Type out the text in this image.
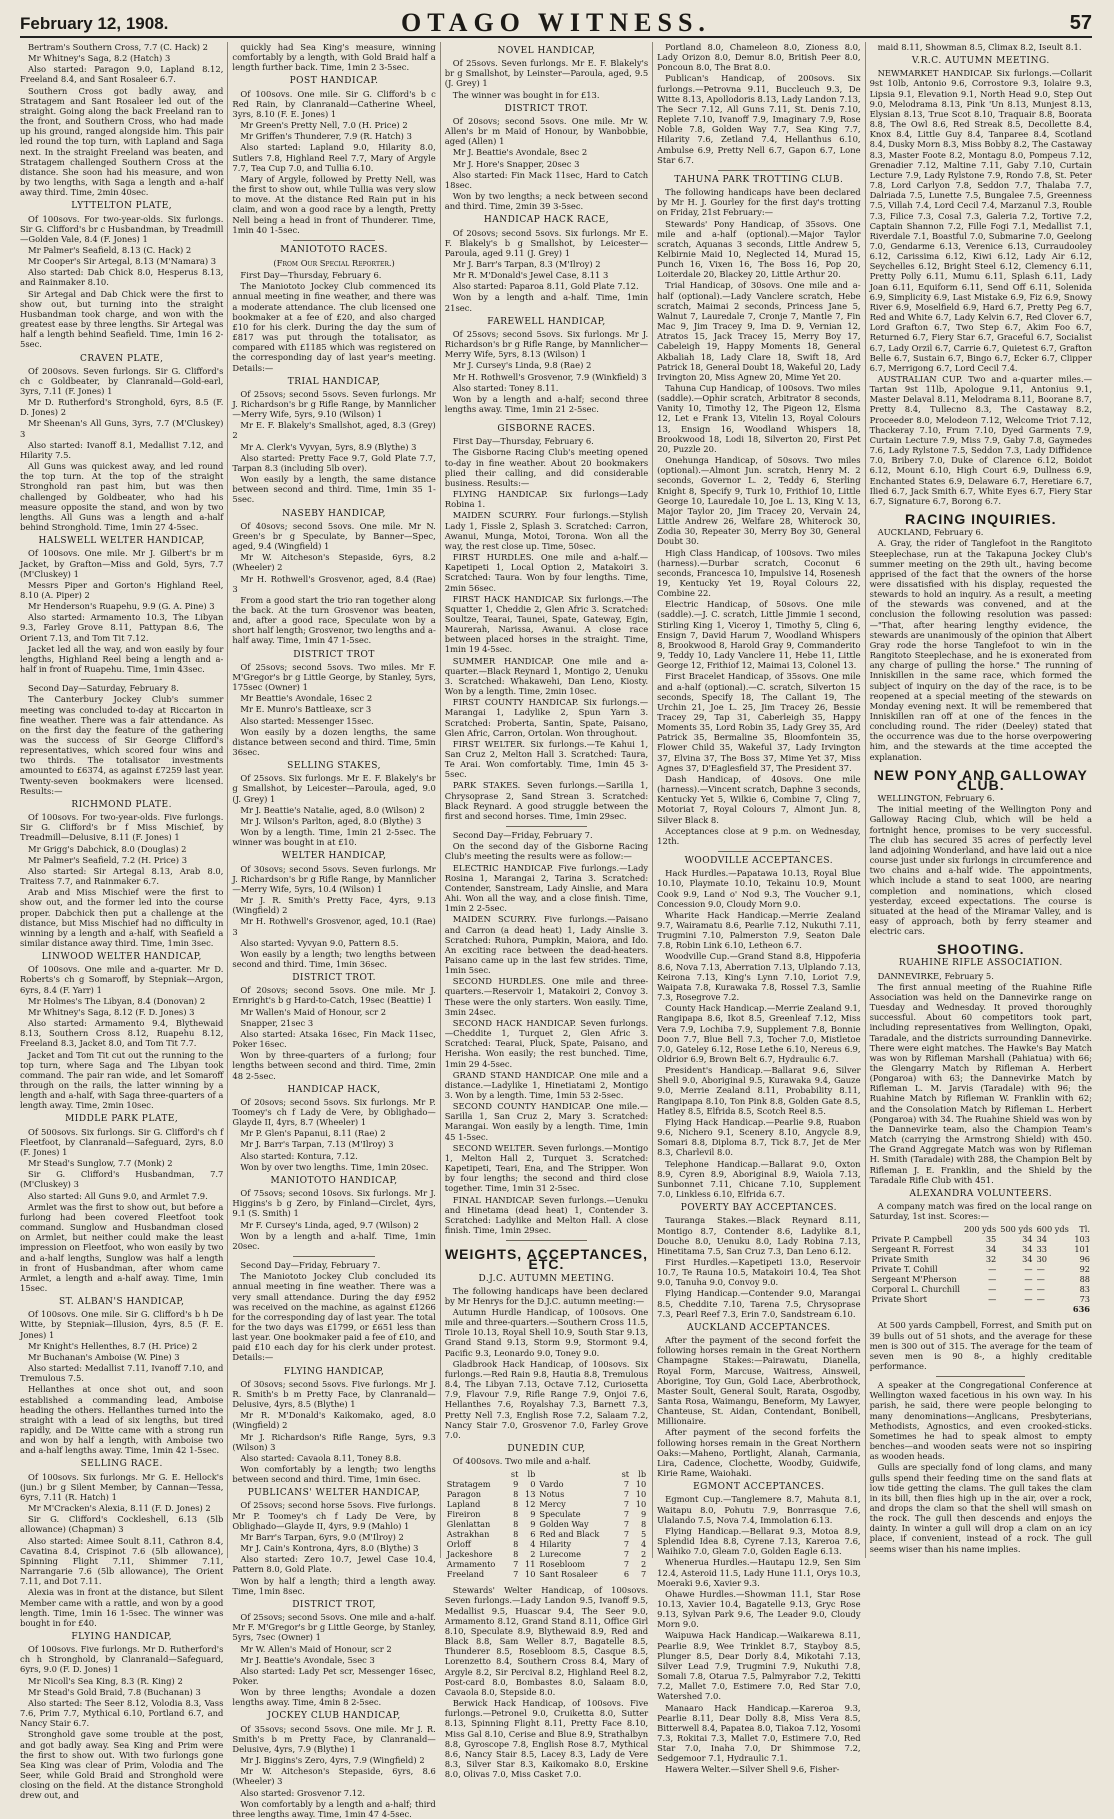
February 12, 1908.	OTAGO WITNESS.	57

Bertram's Southern Cross, 7.7 (C. Hack) 2

Mr Whitney's Saga, 8.2 (Hatch) 3

Also started: Paragon 9.0, Lapland 8.12, Freeland 8.4, and Sant Rosaleer 6.7.

Southern Cross got badly away, and Stratagem and Sant Rosaleer led out of the straight. Going along the back Freeland ran to the front, and Southern Cross, who had made up his ground, ranged alongside him. This pair led round the top turn, with Lapland and Saga next. In the straight Freeland was beaten, and Stratagem challenged Southern Cross at the distance. She soon had his measure, and won by two lengths, with Saga a length and a-half away third. Time, 2min 40sec.

LYTTELTON PLATE,

Of 100sovs. For two-year-olds. Six furlongs. Sir G. Clifford's br c Husbandman, by Treadmill—Golden Vale, 8.4 (F. Jones) 1

Mr Palmer's Seafield, 8.13 (C. Hack) 2

Mr Cooper's Sir Artegal, 8.13 (M'Namara) 3

Also started: Dab Chick 8.0, Hesperus 8.13, and Rainmaker 8.10.

Sir Artegal and Dab Chick were the first to show out, but turning into the straight Husbandman took charge, and won with the greatest ease by three lengths. Sir Artegal was half a length behind Seafield. Time, 1min 16 2-5sec.

CRAVEN PLATE,

Of 200sovs. Seven furlongs. Sir G. Clifford's ch c Goldbeater, by Clanranald—Gold-earl, 3yrs, 7.11 (F. Jones) 1

Mr D. Rutherford's Stronghold, 6yrs, 8.5 (F. D. Jones) 2

Mr Sheenan's All Guns, 3yrs, 7.7 (M'Cluskey) 3

Also started: Ivanoff 8.1, Medallist 7.12, and Hilarity 7.5.

All Guns was quickest away, and led round the top turn. At the top of the straight Stronghold ran past him, but was then challenged by Goldbeater, who had his measure opposite the stand, and won by two lengths. All Guns was a length and a-half behind Stronghold. Time, 1min 27 4-5sec.

HALSWELL WELTER HANDICAP,

Of 100sovs. One mile. Mr J. Gilbert's br m Jacket, by Grafton—Miss and Gold, 5yrs, 7.7 (M'Cluskey) 1

Messrs Piper and Gorton's Highland Reel, 8.10 (A. Piper) 2

Mr Henderson's Ruapehu, 9.9 (G. A. Pine) 3

Also started: Armamento 10.3, The Libyan 9.3, Farley Grove 8.11, Pattypan 8.6, The Orient 7.13, and Tom Tit 7.12.

Jacket led all the way, and won easily by four lengths, Highland Reel being a length and a-half in front of Ruapehu. Time, 1min 43sec.

Second Day—Saturday, February 8.

The Canterbury Jockey Club's summer meeting was concluded to-day at Riccarton in fine weather. There was a fair attendance. As on the first day the feature of the gathering was the success of Sir George Clifford's representatives, which scored four wins and two thirds. The totalisator investments amounted to £6374, as against £7259 last year. Twenty-seven bookmakers were licensed. Results:—

RICHMOND PLATE.

Of 100sovs. For two-year-olds. Five furlongs. Sir G. Clifford's br f Miss Mischief, by Treadmill—Delusive, 8.11 (F. Jones) 1

Mr Grigg's Dabchick, 8.0 (Douglas) 2

Mr Palmer's Seafield, 7.2 (H. Price) 3

Also started: Sir Artegal 8.13, Arab 8.0, Traitess 7.7, and Rainmaker 6.7.

Arab and Miss Mischief were the first to show out, and the former led into the course proper. Dabchick then put a challenge at the distance, but Miss Mischief had no difficulty in winning by a length and a-half, with Seafield a similar distance away third. Time, 1min 3sec.

LINWOOD WELTER HANDICAP,

Of 100sovs. One mile and a-quarter. Mr D. Roberts's ch g Somaroff, by Stepniak—Argon, 6yrs, 8.4 (F. Yarr) 1

Mr Holmes's The Libyan, 8.4 (Donovan) 2

Mr Whitney's Saga, 8.12 (F. D. Jones) 3

Also started: Armamento 9.4, Blythewaid 8.13, Southern Cross 8.12, Ruapehu 8.12, Freeland 8.3, Jacket 8.0, and Tom Tit 7.7.

Jacket and Tom Tit cut out the running to the top turn, where Saga and The Libyan took command. The pair ran wide, and let Somaroff through on the rails, the latter winning by a length and a-half, with Saga three-quarters of a length away. Time, 2min 10sec.

MIDDLE PARK PLATE,

Of 500sovs. Six furlongs. Sir G. Clifford's ch f Fleetfoot, by Clanranald—Safeguard, 2yrs, 8.0 (F. Jones) 1

Mr Stead's Sunglow, 7.7 (Monk) 2

Sir G. Clifford's Husbandman, 7.7 (M'Cluskey) 3

Also started: All Guns 9.0, and Armlet 7.9.

Armlet was the first to show out, but before a furlong had been covered Fleetfoot took command. Sunglow and Husbandman closed on Armlet, but neither could make the least impression on Fleetfoot, who won easily by two and a-half lengths, Sunglow was half a length in front of Husbandman, after whom came Armlet, a length and a-half away. Time, 1min 15sec.

ST. ALBAN'S HANDICAP,

Of 100sovs. One mile. Sir G. Clifford's b h De Witte, by Stepniak—Illusion, 4yrs, 8.5 (F. E. Jones) 1

Mr Knight's Hellenthes, 8.7 (H. Price) 2

Mr Buchanan's Amboise (W. Pine) 3

Also started: Medallist 7.11, Ivanoff 7.10, and Tremulous 7.5.

Hellanthes at once shot out, and soon established a commanding lead, Amboise heading the others. Hellanthes turned into the straight with a lead of six lengths, but tired rapidly, and De Witte came with a strong run and won by half a length, with Amboise two and a-half lengths away. Time, 1min 42 1-5sec.

SELLING RACE.

Of 100sovs. Six furlongs. Mr G. E. Hellock's (jun.) br g Silent Member, by Cannan—Tessa, 6yrs, 7.11 (R. Hatch) 1

Mr M'Cracken's Alexia, 8.11 (F. D. Jones) 2

Sir G. Clifford's Cockleshell, 6.13 (5lb allowance) (Chapman) 3

Also started: Aimee Soult 8.11, Cathron 8.4, Cavatina 8.4, Crispinot 7.6 (5lb allowance), Spinning Flight 7.11, Shimmer 7.11, Narrangarie 7.6 (5lb allowance), The Orient 7.11, and Dot 7.11.

Alexia was in front at the distance, but Silent Member came with a rattle, and won by a good length. Time, 1min 16 1-5sec. The winner was bought in for £40.

FLYING HANDICAP,

Of 100sovs. Five furlongs. Mr D. Rutherford's ch h Stronghold, by Clanranald—Safeguard, 6yrs, 9.0 (F. D. Jones) 1

Mr Nicoll's Sea King, 8.3 (R. King) 2

Mr Stead's Gold Braid, 7.8 (Buchanan) 3

Also started: The Seer 8.12, Volodia 8.3, Vass 7.6, Prim 7.7, Mythical 6.10, Portland 6.7, and Nancy Stair 6.7.

Stronghold gave some trouble at the post, and got badly away. Sea King and Prim were the first to show out. With two furlongs gone Sea King was clear of Prim, Volodia and The Seer, while Gold Braid and Stronghold were closing on the field. At the distance Stronghold drew out, and

quickly had Sea King's measure, winning comfortably by a length, with Gold Braid half a length further back. Time, 1min 2 3-5sec.

POST HANDICAP.

Of 100sovs. One mile. Sir G. Clifford's b c Red Rain, by Clanranald—Catherine Wheel, 3yrs, 8.10 (F. E. Jones) 1

Mr Green's Pretty Nell, 7.0 (H. Price) 2

Mr Griffen's Thunderer, 7.9 (R. Hatch) 3

Also started: Lapland 9.0, Hilarity 8.0, Sutlers 7.8, Highland Reel 7.7, Mary of Argyle 7.7, Tea Cup 7.0, and Tullia 6.10.

Mary of Argyle, followed by Pretty Nell, was the first to show out, while Tullia was very slow to move. At the distance Red Rain put in his claim, and won a good race by a length, Pretty Nell being a head in front of Thunderer. Time, 1min 40 1-5sec.

MANIOTOTO RACES.
(From Our Special Reporter.)

First Day—Thursday, February 6.

The Maniototo Jockey Club commenced its annual meeting in fine weather, and there was a moderate attendance. The club licensed one bookmaker at a fee of £20, and also charged £10 for his clerk. During the day the sum of £817 was put through the totalisator, as compared with £1185 which was registered on the corresponding day of last year's meeting. Details:—

TRIAL HANDICAP,

Of 25sovs; second 5sovs. Seven furlongs. Mr J. Richardson's br g Rifle Range, by Mannlicher—Merry Wife, 5yrs, 9.10 (Wilson) 1

Mr E. F. Blakely's Smallshot, aged, 8.3 (Grey) 2

Mr A. Clerk's Vyvyan, 5yrs, 8.9 (Blythe) 3

Also started: Pretty Face 9.7, Gold Plate 7.7, Tarpan 8.3 (including 5lb over).

Won easily by a length, the same distance between second and third. Time, 1min 35 1-5sec.

NASEBY HANDICAP,

Of 40sovs; second 5sovs. One mile. Mr N. Green's br g Speculate, by Banner—Spec, aged, 9.4 (Wingfield) 1

Mr W. Aitcheson's Stepaside, 6yrs, 8.2 (Wheeler) 2

Mr H. Rothwell's Grosvenor, aged, 8.4 (Rae) 3

From a good start the trio ran together along the back. At the turn Grosvenor was beaten, and, after a good race, Speculate won by a short half length; Grosvenor, two lengths and a-half away. Time, 1min 47 1-5sec.

DISTRICT TROT

Of 25sovs; second 5sovs. Two miles. Mr F. M'Gregor's br g Little George, by Stanley, 5yrs, 175sec (Owner) 1

Mr Beattie's Avondale, 16sec 2

Mr E. Munro's Battleaxe, scr 3

Also started: Messenger 15sec.

Won easily by a dozen lengths, the same distance between second and third. Time, 5min 36sec.

SELLING STAKES,

Of 25sovs. Six furlongs. Mr E. F. Blakely's br g Smallshot, by Leicester—Paroula, aged, 9.0 (J. Grey) 1

Mr J. Beattie's Natalie, aged, 8.0 (Wilson) 2

Mr J. Wilson's Parlton, aged, 8.0 (Blythe) 3

Won by a length. Time, 1min 21 2-5sec. The winner was bought in at £10.

WELTER HANDICAP,

Of 30sovs; second 5sovs. Seven furlongs. Mr J. Richardson's br g Rifle Range, by Mannlicher—Merry Wife, 5yrs, 10.4 (Wilson) 1

Mr J. R. Smith's Pretty Face, 4yrs, 9.13 (Wingfield) 2

Mr H. Rothwell's Grosvenor, aged, 10.1 (Rae) 3

Also started: Vyvyan 9.0, Pattern 8.5.

Won easily by a length; two lengths between second and third. Time, 1min 36sec.

DISTRICT TROT.

Of 20sovs; second 5sovs. One mile. Mr J. Ernright's b g Hard-to-Catch, 19sec (Beattie) 1

Mr Wallen's Maid of Honour, scr 2

Snapper, 21sec 3

Also started: Atsaka 16sec, Fin Mack 11sec, Poker 16sec.

Won by three-quarters of a furlong; four lengths between second and third. Time, 2min 48 2-5sec.

HANDICAP HACK,

Of 20sovs; second 5sovs. Six furlongs. Mr P. Toomey's ch f Lady de Vere, by Oblighado—Glayde II, 4yrs, 8.7 (Wheeler) 1

Mr P. Glen's Papanui, 8.11 (Rae) 2

Mr J. Barr's Tarpan, 7.13 (M'Ilroy) 3

Also started: Kontura, 7.12.

Won by over two lengths. Time, 1min 20sec.

MANIOTOTO HANDICAP,

Of 75sovs; second 10sovs. Six furlongs. Mr J. Higgins's b g Zero, by Finland—Circlet, 4yrs, 9.1 (S. Smith) 1

Mr F. Cursey's Linda, aged, 9.7 (Wilson) 2

Won by a length and a-half. Time, 1min 20sec.

Second Day—Friday, February 7.

The Maniototo Jockey Club concluded its annual meeting in fine weather. There was a very small attendance. During the day £952 was received on the machine, as against £1266 for the corresponding day of last year. The total for the two days was £1799, or £651 less than last year. One bookmaker paid a fee of £10, and paid £10 each day for his clerk under protest. Details:—

FLYING HANDICAP,

Of 30sovs; second 5sovs. Five furlongs. Mr J. R. Smith's b m Pretty Face, by Clanranald—Delusive, 4yrs, 8.5 (Blythe) 1

Mr R. M'Donald's Kaikomako, aged, 8.0 (Wingfield) 2

Mr J. Richardson's Rifle Range, 5yrs, 9.3 (Wilson) 3

Also started: Cavaola 8.11, Toney 8.8.

Won comfortably by a length; two lengths between second and third. Time, 1min 6sec.

PUBLICANS' WELTER HANDICAP,

Of 25sovs; second horse 5sovs. Five furlongs. Mr P. Toomey's ch f Lady De Vere, by Oblighado—Glayde II, 4yrs, 9.9 (Mahlo) 1

Mr Barr's Tarpan, 6yrs, 9.0 (M'Ilroy) 2

Mr J. Cain's Kontrona, 4yrs, 8.0 (Blythe) 3

Also started: Zero 10.7, Jewel Case 10.4, Pattern 8.0, Gold Plate.

Won by half a length; third a length away. Time, 1min 8sec.

DISTRICT TROT,

Of 25sovs; second 5sovs. One mile and a-half. Mr F. M'Gregor's br g Little George, by Stanley, 5yrs, 7sec (Owner) 1

Mr W. Allen's Maid of Honour, scr 2

Mr J. Beattie's Avondale, 5sec 3

Also started: Lady Pet scr, Messenger 16sec, Poker.

Won by three lengths; Avondale a dozen lengths away. Time, 4min 8 2-5sec.

JOCKEY CLUB HANDICAP,

Of 35sovs; second 5sovs. One mile. Mr J. R. Smith's b m Pretty Face, by Clanranald—Delusive, 4yrs, 7.9 (Blythe) 1

Mr J. Biggins's Zero, 4yrs, 7.9 (Wingfield) 2

Mr W. Aitcheson's Stepaside, 6yrs, 8.6 (Wheeler) 3

Also started: Grosvenor 7.12.

Won comfortably by a length and a-half; third three lengths away. Time, 1min 47 4-5sec.

NOVEL HANDICAP,

Of 25sovs. Seven furlongs. Mr E. F. Blakely's br g Smallshot, by Leinster—Paroula, aged, 9.5 (J. Grey) 1

The winner was bought in for £13.

DISTRICT TROT.

Of 20sovs; second 5sovs. One mile. Mr W. Allen's br m Maid of Honour, by Wanbobbie, aged (Allen) 1

Mr J. Beattie's Avondale, 8sec 2

Mr J. Hore's Snapper, 20sec 3

Also started: Fin Mack 11sec, Hard to Catch 18sec.

Won by two lengths; a neck between second and third. Time, 2min 39 3-5sec.

HANDICAP HACK RACE,

Of 20sovs; second 5sovs. Six furlongs. Mr E. F. Blakely's b g Smallshot, by Leicester—Paroula, aged 9.11 (J. Grey) 1

Mr J. Barr's Tarpan, 8.3 (M'Ilroy) 2

Mr R. M'Donald's Jewel Case, 8.11 3

Also started: Paparoa 8.11, Gold Plate 7.12.

Won by a length and a-half. Time, 1min 21sec.

FAREWELL HANDICAP,

Of 25sovs; second 5sovs. Six furlongs. Mr J. Richardson's br g Rifle Range, by Mannlicher—Merry Wife, 5yrs, 8.13 (Wilson) 1

Mr J. Cursey's Linda, 9.8 (Rae) 2

Mr H. Rothwell's Grosvenor, 7.9 (Winkfield) 3

Also started: Toney 8.11.

Won by a length and a-half; second three lengths away. Time, 1min 21 2-5sec.

GISBORNE RACES.

First Day—Thursday, February 6.

The Gisborne Racing Club's meeting opened to-day in fine weather. About 20 bookmakers plied their calling, and did considerable business. Results:—

FLYING HANDICAP. Six furlongs—Lady Robina 1.

MAIDEN SCURRY. Four furlongs.—Stylish Lady 1, Fissle 2, Splash 3. Scratched: Carron, Awanui, Munga, Motoi, Torona. Won all the way, the rest close up. Time, 50sec.

FIRST HURDLES. One mile and a-half.—Kapetipeti 1, Local Option 2, Matakoiri 3. Scratched: Taura. Won by four lengths. Time, 2min 56sec.

FIRST HACK HANDICAP. Six furlongs.—The Squatter 1, Cheddie 2, Glen Afric 3. Scratched: Soultze, Tearai, Taunei, Spate, Gateway, Egin, Maurerah, Narissa, Awanui. A close race between placed horses in the straight. Time, 1min 19 4-5sec.

SUMMER HANDICAP. One mile and a-quarter.—Black Reynard 1, Montigo 2, Uenuku 3. Scratched: Whakawehi, Dan Leno, Kiosty. Won by a length. Time, 2min 10sec.

FIRST COUNTY HANDICAP. Six furlongs.—Marangai 1, Ladylike 2, Spun Yarn 3. Scratched: Proberta, Santin, Spate, Paisano, Glen Afric, Carron, Ortolan. Won throughout.

FIRST WELTER. Six furlongs.—Te Kahui 1, San Cruz 2, Melton Hall 3. Scratched: Taura, Te Arai. Won comfortably. Time, 1min 45 3-5sec.

PARK STAKES. Seven furlongs.—Sarilla 1, Chrysoprase 2, Sand Strean 3. Scratched: Black Reynard. A good struggle between the first and second horses. Time, 1min 29sec.

Second Day—Friday, February 7.

On the second day of the Gisborne Racing Club's meeting the results were as follow:—

ELECTRIC HANDICAP. Five furlongs.—Lady Rosina 1, Marangai 2, Tarina 3. Scratched: Contender, Sanstream, Lady Ainslie, and Mara Ahi. Won all the way, and a close finish. Time, 1min 2 2-5sec.

MAIDEN SCURRY. Five furlongs.—Paisano and Carron (a dead heat) 1, Lady Ainslie 3. Scratched: Ruhora, Pumpkin, Maiora, and Ido. An exciting race between the dead-heaters. Paisano came up in the last few strides. Time, 1min 5sec.

SECOND HURDLES. One mile and three-quarters.—Reservoir 1, Matakoiri 2, Convoy 3. These were the only starters. Won easily. Time, 3min 24sec.

SECOND HACK HANDICAP. Seven furlongs.—Cheddite 1, Turquet 2, Glen Afric 3. Scratched: Tearai, Pluck, Spate, Paisano, and Herisha. Won easily; the rest bunched. Time, 1min 29 4-5sec.

GRAND STAND HANDICAP. One mile and a distance.—Ladylike 1, Hinetiatami 2, Montigo 3. Won by a length. Time, 1min 53 2-5sec.

SECOND COUNTY HANDICAP. One mile.—Sarilla 1, San Cruz 2, Mary 3. Scratched: Marangai. Won easily by a length. Time, 1min 45 1-5sec.

SECOND WELTER. Seven furlongs.—Montigo 1, Melton Hall 2, Turquet 3. Scratched: Kapetipeti, Teari, Ena, and The Stripper. Won by four lengths; the second and third close together. Time, 1min 31 2-5sec.

FINAL HANDICAP. Seven furlongs.—Uenuku and Hinetama (dead heat) 1, Contender 3. Scratched: Ladylike and Melton Hall. A close finish. Time, 1min 29sec.

WEIGHTS, ACCEPTANCES, ETC.
D.J.C. AUTUMN MEETING.

The following handicaps have been declared by Mr Henrys for the D.J.C. autumn meeting:—

Autumn Hurdle Handicap, of 100sovs. One mile and three-quarters.—Southern Cross 11.5, Tirole 10.13, Royal Shell 10.9, South Star 9.13, Grand Stand 9.13, Storm 9.9, Stormont 9.4, Pacific 9.3, Leonardo 9.0, Toney 9.0.

Gladbrook Hack Handicap, of 100sovs. Six furlongs.—Red Rain 9.8, Hautia 8.8, Tremulous 8.4, The Libyan 7.13, Octave 7.12, Curiosetta 7.9, Flavour 7.9, Rifle Range 7.9, Onjoi 7.6, Hellanthes 7.6, Royalshay 7.3, Barnett 7.3, Pretty Nell 7.3, English Rose 7.2, Salaam 7.2, Nancy Stair 7.0, Grosvenor 7.0, Farley Grove 7.0.

DUNEDIN CUP,

Of 400sovs. Two mile and a-half.

	st	lb			st	lb
Stratagem	9	0	Vardo		7	10
Paragon	8	13	Notus		7	10
Lapland	8	12	Mercy		7	10
Fireiron	8	9	Speculate		7	9
Glenlattan	8	9	Golden Way		7	8
Astrakhan	8	6	Red and Black		7	5
Orloff	8	4	Hilarity		7	4
Jackeshore	8	2	Lurecome		7	2
Armamento	7	11	Rosebloom		7	2
Freeland	7	10	Sant Rosaleer		6	7

Stewards' Welter Handicap, of 100sovs. Seven furlongs.—Lady Landon 9.5, Ivanoff 9.5, Medallist 9.5, Huascar 9.4, The Seer 9.0, Armamento 8.12, Grand Stand 8.11, Office Girl 8.10, Speculate 8.9, Blythewaid 8.9, Red and Black 8.8, Sam Weller 8.7, Bagatelle 8.5, Thunderer 8.5, Rosebloom 8.5, Casque 8.5, Lorenzetto 8.4, Southern Cross 8.4, Mary of Argyle 8.2, Sir Percival 8.2, Highland Reel 8.2, Post-card 8.0, Bombastes 8.0, Salaam 8.0, Cavaola 8.0, Stepside 8.0.

Berwick Hack Handicap, of 100sovs. Five furlongs.—Petronel 9.0, Cruiketta 8.0, Sutter 8.13, Spinning Flight 8.11, Pretty Face 8.10, Miss Gal 8.10, Cerise and Blue 8.9, Strathalbyn 8.8, Gyroscope 7.8, English Rose 8.7, Mythical 8.6, Nancy Stair 8.5, Lacey 8.3, Lady de Vere 8.3, Silver Star 8.3, Kaikomako 8.0, Erskine 8.0, Olivas 7.0, Miss Casket 7.0.

Portland 8.0, Chameleon 8.0, Zioness 8.0, Lady Orizon 8.0, Demur 8.0, British Peer 8.0, Poncoun 8.0, The Brat 8.0.

Publican's Handicap, of 200sovs. Six furlongs.—Petrovna 9.11, Buccleuch 9.3, De Witte 8.13, Apollodoris 8.13, Lady Landon 7.13, The Secr 7.12, All Guns 7.11, St. Denis 7.10, Replete 7.10, Ivanoff 7.9, Imaginary 7.9, Rose Noble 7.8, Golden Way 7.7, Sea King 7.7, Hilarity 7.6, Zetland 7.4, Hellanthus 6.10, Ambulse 6.9, Pretty Nell 6.7, Gapon 6.7, Lone Star 6.7.

TAHUNA PARK TROTTING CLUB.

The following handicaps have been declared by Mr H. J. Gourley for the first day's trotting on Friday, 21st February:—

Stewards' Pony Handicap, of 35sovs. One mile and a-half (optional).—Major Taylor scratch, Aquanas 3 seconds, Little Andrew 5, Kelbirnie Maid 10, Neglected 14, Murad 15, Punch 16, Vixen 16, The Boss 16, Pop 20, Loiterdale 20, Blackey 20, Little Arthur 20.

Trial Handicap, of 30sovs. One mile and a-half (optional).—Lady Vanclere scratch, Hebe scratch, Maimai 2 seconds, Princess Jane 5, Walnut 7, Lauredale 7, Cronje 7, Mantle 7, Fin Mac 9, Jim Tracey 9, Ima D. 9, Vernian 12, Atratos 15, Jack Tracey 15, Merry Boy 17, Cabeleigh 19, Happy Moments 18, General Akbaliah 18, Lady Clare 18, Swift 18, Ard Patrick 18, General Doubt 18, Wakeful 20, Lady Irvington 20, Miss Agnew 20, Mime Yet 20.

Tahuna Cup Handicap, of 100sovs. Two miles (saddle).—Ophir scratch, Arbitrator 8 seconds, Vanity 10, Timothy 12, The Pigeon 12, Elsma 12, Let e Frank 13, Vitelin 13, Royal Colours 13, Ensign 16, Woodland Whispers 18, Brookwood 18, Lodi 18, Silverton 20, First Pet 20, Puzzle 20.

Onehunga Handicap, of 50sovs. Two miles (optional).—Almont Jun. scratch, Henry M. 2 seconds, Governor L. 2, Teddy 6, Sterling Knight 8, Specify 9, Turk 10, Frithiof 10, Little George 10, Lauredale 10, Joe L. 13, King V. 13, Major Taylor 20, Jim Tracey 20, Vervain 24, Little Andrew 26, Welfare 28, Whiterock 30, Zodia 30, Repeater 30, Merry Boy 30, General Doubt 30.

High Class Handicap, of 100sovs. Two miles (harness).—Durbar scratch, Coconut 6 seconds, Francesca 10, Impulsive 14, Rosenesh 19, Kentucky Yet 19, Royal Colours 22, Combine 22.

Electric Handicap, of 50sovs. One mile (saddle).—J. C. scratch, Little Jimmie 1 second, Stirling King 1, Viceroy 1, Timothy 5, Cling 6, Ensign 7, David Harum 7, Woodland Whispers 8, Brookwood 8, Harold Gray 9, Commanderito 9, Teddy 10, Lady Vanclere 11, Hebe 11, Little George 12, Frithiof 12, Maimai 13, Colonel 13.

First Bracelet Handicap, of 35sovs. One mile and a-half (optional).—C. scratch, Silverton 15 seconds, Specify 18, The Callant 19, The Urchin 21, Joe L. 25, Jim Tracey 26, Bessie Tracey 29, Tap 31, Caberleigh 35, Happy Moments 35, Lord Robin 35, Lady Grey 35, Ard Patrick 35, Bermaline 35, Bloomfontein 35, Flower Child 35, Wakeful 37, Lady Irvington 37, Elvina 37, The Boss 37, Mime Yet 37, Miss Agnes 37, D'Eaglesfield 37, The President 37.

Dash Handicap, of 40sovs. One mile (harness).—Vincent scratch, Daphne 3 seconds, Kentucky Yet 5, Wilkie 6, Combine 7, Cling 7, Motoriat 7, Royal Colours 7, Almont Jun. 8, Silver Black 8.

Acceptances close at 9 p.m. on Wednesday, 12th.

WOODVILLE ACCEPTANCES.

Hack Hurdles.—Papatawa 10.13, Royal Blue 10.10, Playmate 10.10, Tekainu 10.9, Mount Cook 9.9, Land o' Nod 9.3, The Voucher 9.1, Concession 9.0, Cloudy Morn 9.0.

Wharite Hack Handicap.—Merrie Zealand 9.7, Wairamatu 8.6, Pearlie 7.12, Nukuthi 7.11, Trugmini 7.10, Palmerston 7.9, Seaton Dale 7.8, Robin Link 6.10, Letheon 6.7.

Woodville Cup.—Grand Stand 8.8, Hippoferia 8.6, Nova 7.13, Aberration 7.13, Ulplando 7.13, Keirona 7.13, King's Lynn 7.10, Loriot 7.9, Waipata 7.8, Kurawaka 7.8, Rossel 7.3, Samlie 7.3, Rosegrove 7.2.

County Hack Handicap.—Merrie Zealand 9.1, Rangipapa 8.6, Ikot 8.5, Greenleaf 7.12, Miss Vera 7.9, Lochiba 7.9, Supplement 7.8, Bonnie Doon 7.7, Blue Bell 7.3, Tocher 7.0, Mistletoe 7.0, Gateley 6.12, Rose Lethe 6.10, Nereus 6.9, Oldrior 6.9, Brown Belt 6.7, Hydraulic 6.7.

President's Handicap.—Ballarat 9.6, Silver Shell 9.0, Aboriginal 9.5, Kurawaka 9.4, Gauze 9.0, Merrie Zealand 8.11, Probability 8.11, Rangipapa 8.10, Ton Pink 8.8, Golden Gate 8.5, Hatley 8.5, Elfrida 8.5, Scotch Reel 8.5.

Flying Hack Handicap.—Pearlie 9.8, Ruabon 9.6, Nichero 9.1, Scenery 8.10, Angycle 8.9, Somari 8.8, Diploma 8.7, Tick 8.7, Jet de Mer 8.3, Charlevil 8.0.

Telephone Handicap.—Ballarat 9.0, Oxton 8.9, Cyren 8.9, Aboriginal 8.9, Waiola 7.13, Sunbonnet 7.11, Chicane 7.10, Supplement 7.0, Linkless 6.10, Elfrida 6.7.

POVERTY BAY ACCEPTANCES.

Tauranga Stakes.—Black Reynard 8.11, Montigo 8.7, Contender 8.6, Ladylike 8.1, Douche 8.0, Uenuku 8.0, Lady Robina 7.13, Hinetitama 7.5, San Cruz 7.3, Dan Leno 6.12.

First Hurdles.—Kapetipeti 13.0, Reservoir 10.7, Te Rauna 10.5, Matakoiri 10.4, Tea Shot 9.0, Tanuha 9.0, Convoy 9.0.

Flying Handicap.—Contender 9.0, Marangai 8.5, Cheddite 7.10, Tarena 7.5, Chrysoprase 7.3, Pearl Reef 7.3, Erin 7.0, Sandstream 6.10.

AUCKLAND ACCEPTANCES.

After the payment of the second forfeit the following horses remain in the Great Northern Champagne Stakes:—Pairawatu, Dianella, Royal Form, Marcuse, Waitress, Ainsweil, Aborigine, Toy Gun, Gold Lace, Aberbrothock, Master Soult, General Soult, Rarata, Osgodby, Santa Rosa, Waimangu, Beneform, My Lawyer, Chanteuse, St. Aidan, Contendant, Bonibell, Millionaire.

After payment of the second forfeits the following horses remain in the Great Northern Oaks:—Maheno, Portlight, Alanah, Carmania, Lira, Cadence, Clochette, Woodby, Guidwife, Kirie Rame, Waiohaki.

EGMONT ACCEPTANCES.

Egmont Cup.—Tanglemere 8.7, Mahuta 8.1, Waitapu 8.0, Pohutu 7.9, Bonrrasque 7.6, Ulalando 7.5, Nova 7.4, Immolation 6.13.

Flying Handicap.—Bellarat 9.3, Motoa 8.9, Splendid Idea 8.8, Cyrene 7.13, Kareroa 7.6, Waihiko 7.0, Gleam 7.0, Golden Eagle 6.13.

Whenerua Hurdles.—Hautapu 12.9, Sen Sim 12.4, Asteroid 11.5, Lady Hune 11.1, Orys 10.3, Moeraki 9.6, Xavier 9.3.

Ohawe Hurdles.—Showman 11.1, Star Rose 10.13, Xavier 10.4, Bagatelle 9.13, Gryc Rose 9.13, Sylvan Park 9.6, The Leader 9.0, Cloudy Morn 9.0.

Waipuwa Hack Handicap.—Waikarewa 8.11, Pearlie 8.9, Wee Trinklet 8.7, Stayboy 8.5, Plunger 8.5, Dear Dorly 8.4, Mikotahi 7.13, Silver Lead 7.9, Trugmini 7.9, Nukuthi 7.8, Somali 7.8, Otarua 7.5, Palmyrabor 7.2, Tekitti 7.2, Mallet 7.0, Estimere 7.0, Red Star 7.0, Watershed 7.0.

Manaaro Hack Handicap.—Kareroa 9.3, Pearlie 8.11, Dear Dolly 8.8, Miss Vera 8.5, Bitterwell 8.4, Papatea 8.0, Tiakoa 7.12, Yosomi 7.3, Rokitai 7.3, Mallet 7.0, Estimere 7.0, Red Star 7.0, Inaha 7.0, Dr Shimmose 7.2, Sedgemoor 7.1, Hydraulic 7.1.

Hawera Welter.—Silver Shell 9.6, Fisher-

maid 8.11, Showman 8.5, Climax 8.2, Iseult 8.1.

V.R.C. AUTUMN MEETING.

NEWMARKET HANDICAP. Six furlongs.—Collarit 9st 10lb, Antonio 9.6, Corrostore 9.3, Iolaire 9.3, Lipsia 9.1, Elevation 9.1, North Head 9.0, Step Out 9.0, Melodrama 8.13, Pink 'Un 8.13, Munjest 8.13, Elysian 8.13, True Scot 8.10, Traquair 8.8, Boorata 8.8, The Owl 8.6, Red Streak 8.5, Decollette 8.4, Knox 8.4, Little Guy 8.4, Tanparee 8.4, Scotland 8.4, Dusky Morn 8.3, Miss Bobby 8.2, The Castaway 8.3, Master Foote 8.2, Montagu 8.0, Pompeus 7.12, Grenadier 7.12, Maltine 7.11, Gaby 7.10, Curtain Lecture 7.9, Lady Rylstone 7.9, Rondo 7.8, St. Peter 7.8, Lord Carlyon 7.8, Seddon 7.7, Thalaba 7.7, Dalriada 7.5, Lunette 7.5, Bungalee 7.5, Greenness 7.5, Villah 7.4, Lord Cecil 7.4, Marzanul 7.3, Rouble 7.3, Filice 7.3, Cosal 7.3, Galeria 7.2, Tortive 7.2, Captain Shannon 7.2, Fille Fogi 7.1, Medallist 7.1, Riverdale 7.1, Boastful 7.0, Submarine 7.0, Geelong 7.0, Gendarme 6.13, Verenice 6.13, Curraudooley 6.12, Carissima 6.12, Kiwi 6.12, Lady Air 6.12, Seychelles 6.12, Bright Steel 6.12, Clemency 6.11, Pretty Polly 6.11, Mumu 6.11, Splash 6.11, Lady Joan 6.11, Equiform 6.11, Send Off 6.11, Solenida 6.9, Simplicity 6.9, Last Mistake 6.9, Fiz 6.9, Snowy River 6.9, Moselfield 6.9, Hard 6.7, Pretty Peg 6.7, Red and White 6.7, Lady Kelvin 6.7, Red Clover 6.7, Lord Grafton 6.7, Two Step 6.7, Akim Foo 6.7, Returned 6.7, Fiery Star 6.7, Graceful 6.7, Socialist 6.7, Lady Orzil 6.7, Carrie 6.7, Quietest 6.7, Grafton Belle 6.7, Sustain 6.7, Bingo 6.7, Ecker 6.7, Clipper 6.7, Merrigong 6.7, Lord Cecil 7.4.

AUSTRALIAN CUP. Two and a-quarter miles.—Tartan 9st 11lb, Apologue 9.11, Antonius 9.1, Master Delaval 8.11, Melodrama 8.11, Boorane 8.7, Pretty 8.4, Tullecno 8.3, The Castaway 8.2, Proceeder 8.0, Melodeon 7.12, Welcome Triot 7.12, Thackeray 7.10, Frum 7.10, Dyed Garments 7.9, Curtain Lecture 7.9, Miss 7.9, Gaby 7.8, Gaymedes 7.6, Lady Rylstone 7.5, Seddon 7.3, Lady Diffidence 7.0, Bribery 7.0, Duke of Clarence 6.12, Boidot 6.12, Mount 6.10, High Court 6.9, Dullness 6.9, Enchanted States 6.9, Delaware 6.7, Heretiare 6.7, Ilied 6.7, Jack Smith 6.7, White Eyes 6.7, Fiery Star 6.7, Signature 6.7, Borong 6.7.

RACING INQUIRIES.

AUCKLAND, February 6.

A. Gray, the rider of Tanglefoot in the Rangitoto Steeplechase, run at the Takapuna Jockey Club's summer meeting on the 29th ult., having become apprised of the fact that the owners of the horse were dissatisfied with his display, requested the stewards to hold an inquiry. As a result, a meeting of the stewards was convened, and at the conclusion the following resolution was passed:—"That, after hearing lengthy evidence, the stewards are unanimously of the opinion that Albert Gray rode the horse Tanglefoot to win in the Rangitoto Steeplechase, and he is exonerated from any charge of pulling the horse." The running of Inniskillen in the same race, which formed the subject of inquiry on the day of the race, is to be reopened at a special meeting of the stewards on Monday evening next. It will be remembered that Inniskillen ran off at one of the fences in the concluding round. The rider (Deeley) stated that the occurrence was due to the horse overpowering him, and the stewards at the time accepted the explanation.

NEW PONY AND GALLOWAY CLUB.

WELLINGTON, February 6.

The initial meeting of the Wellington Pony and Galloway Racing Club, which will be held a fortnight hence, promises to be very successful. The club has secured 35 acres of perfectly level land adjoining Wonderland, and have laid out a nice course just under six furlongs in circumference and two chains and a-half wide. The appointments, which include a stand to seat 1000, are nearing completion and nominations, which closed yesterday, exceed expectations. The course is situated at the head of the Miramar Valley, and is easy of approach, both by ferry steamer and electric cars.

SHOOTING.
RUAHINE RIFLE ASSOCIATION.

DANNEVIRKE, February 5.

The first annual meeting of the Ruahine Rifle Association was held on the Dannevirke range on Tuesday and Wednesday. It proved thoroughly successful. About 60 competitors took part, including representatives from Wellington, Opaki, Taradale, and the districts surrounding Dannevirke. There were eight matches. The Hawke's Bay Match was won by Rifleman Marshall (Pahiatua) with 66; the Glengarry Match by Rifleman A. Herbert (Pongaroa) with 63; the Dannevirke Match by Rifleman L. M. Jarvis (Taradale) with 96; the Ruahine Match by Rifleman W. Franklin with 62; and the Consolation Match by Rifleman L. Herbert (Pongaroa) with 34. The Ruahine Shield was won by the Dannevirke team, also the Champion Team's Match (carrying the Armstrong Shield) with 450. The Grand Aggregate Match was won by Rifleman H. Smith (Taradale) with 288, the Champion Belt by Rifleman J. E. Franklin, and the Shield by the Taradale Rifle Club with 451.

ALEXANDRA VOLUNTEERS.

A company match was fired on the local range on Saturday, 1st inst. Scores:—

	200 yds	500 yds	600 yds	Tl.
Private P. Campbell	35	34	34	103
Sergeant R. Forrest	34	34	33	101
Private Smith	32	34	30	96
Private T. Cohill	—	—	—	92
Sergeant M'Pherson	—	—	—	88
Corporal L. Churchill	—	—	—	83
Private Short	—	—	—	73
				636

At 500 yards Campbell, Forrest, and Smith put on 39 bulls out of 51 shots, and the average for these men is 300 out of 315. The average for the team of seven men is 90 8-, a highly creditable performance.

A speaker at the Congregational Conference at Wellington waxed facetious in his own way. In his parish, he said, there were people belonging to many denominations—Anglicans, Presbyterians, Methodists, Agnostics, and even crooked-sticks. Sometimes he had to speak almost to empty benches—and wooden seats were not so inspiring as wooden heads.

Gulls are specially fond of long clams, and many gulls spend their feeding time on the sand flats at low tide getting the clams. The gull takes the clam in its bill, then flies high up in the air, over a rock, and drops the clam so that the shell will smash on the rock. The gull then descends and enjoys the dainty. In winter a gull will drop a clam on an icy place, if convenient, instead of a rock. The gull seems wiser than his name implies.
